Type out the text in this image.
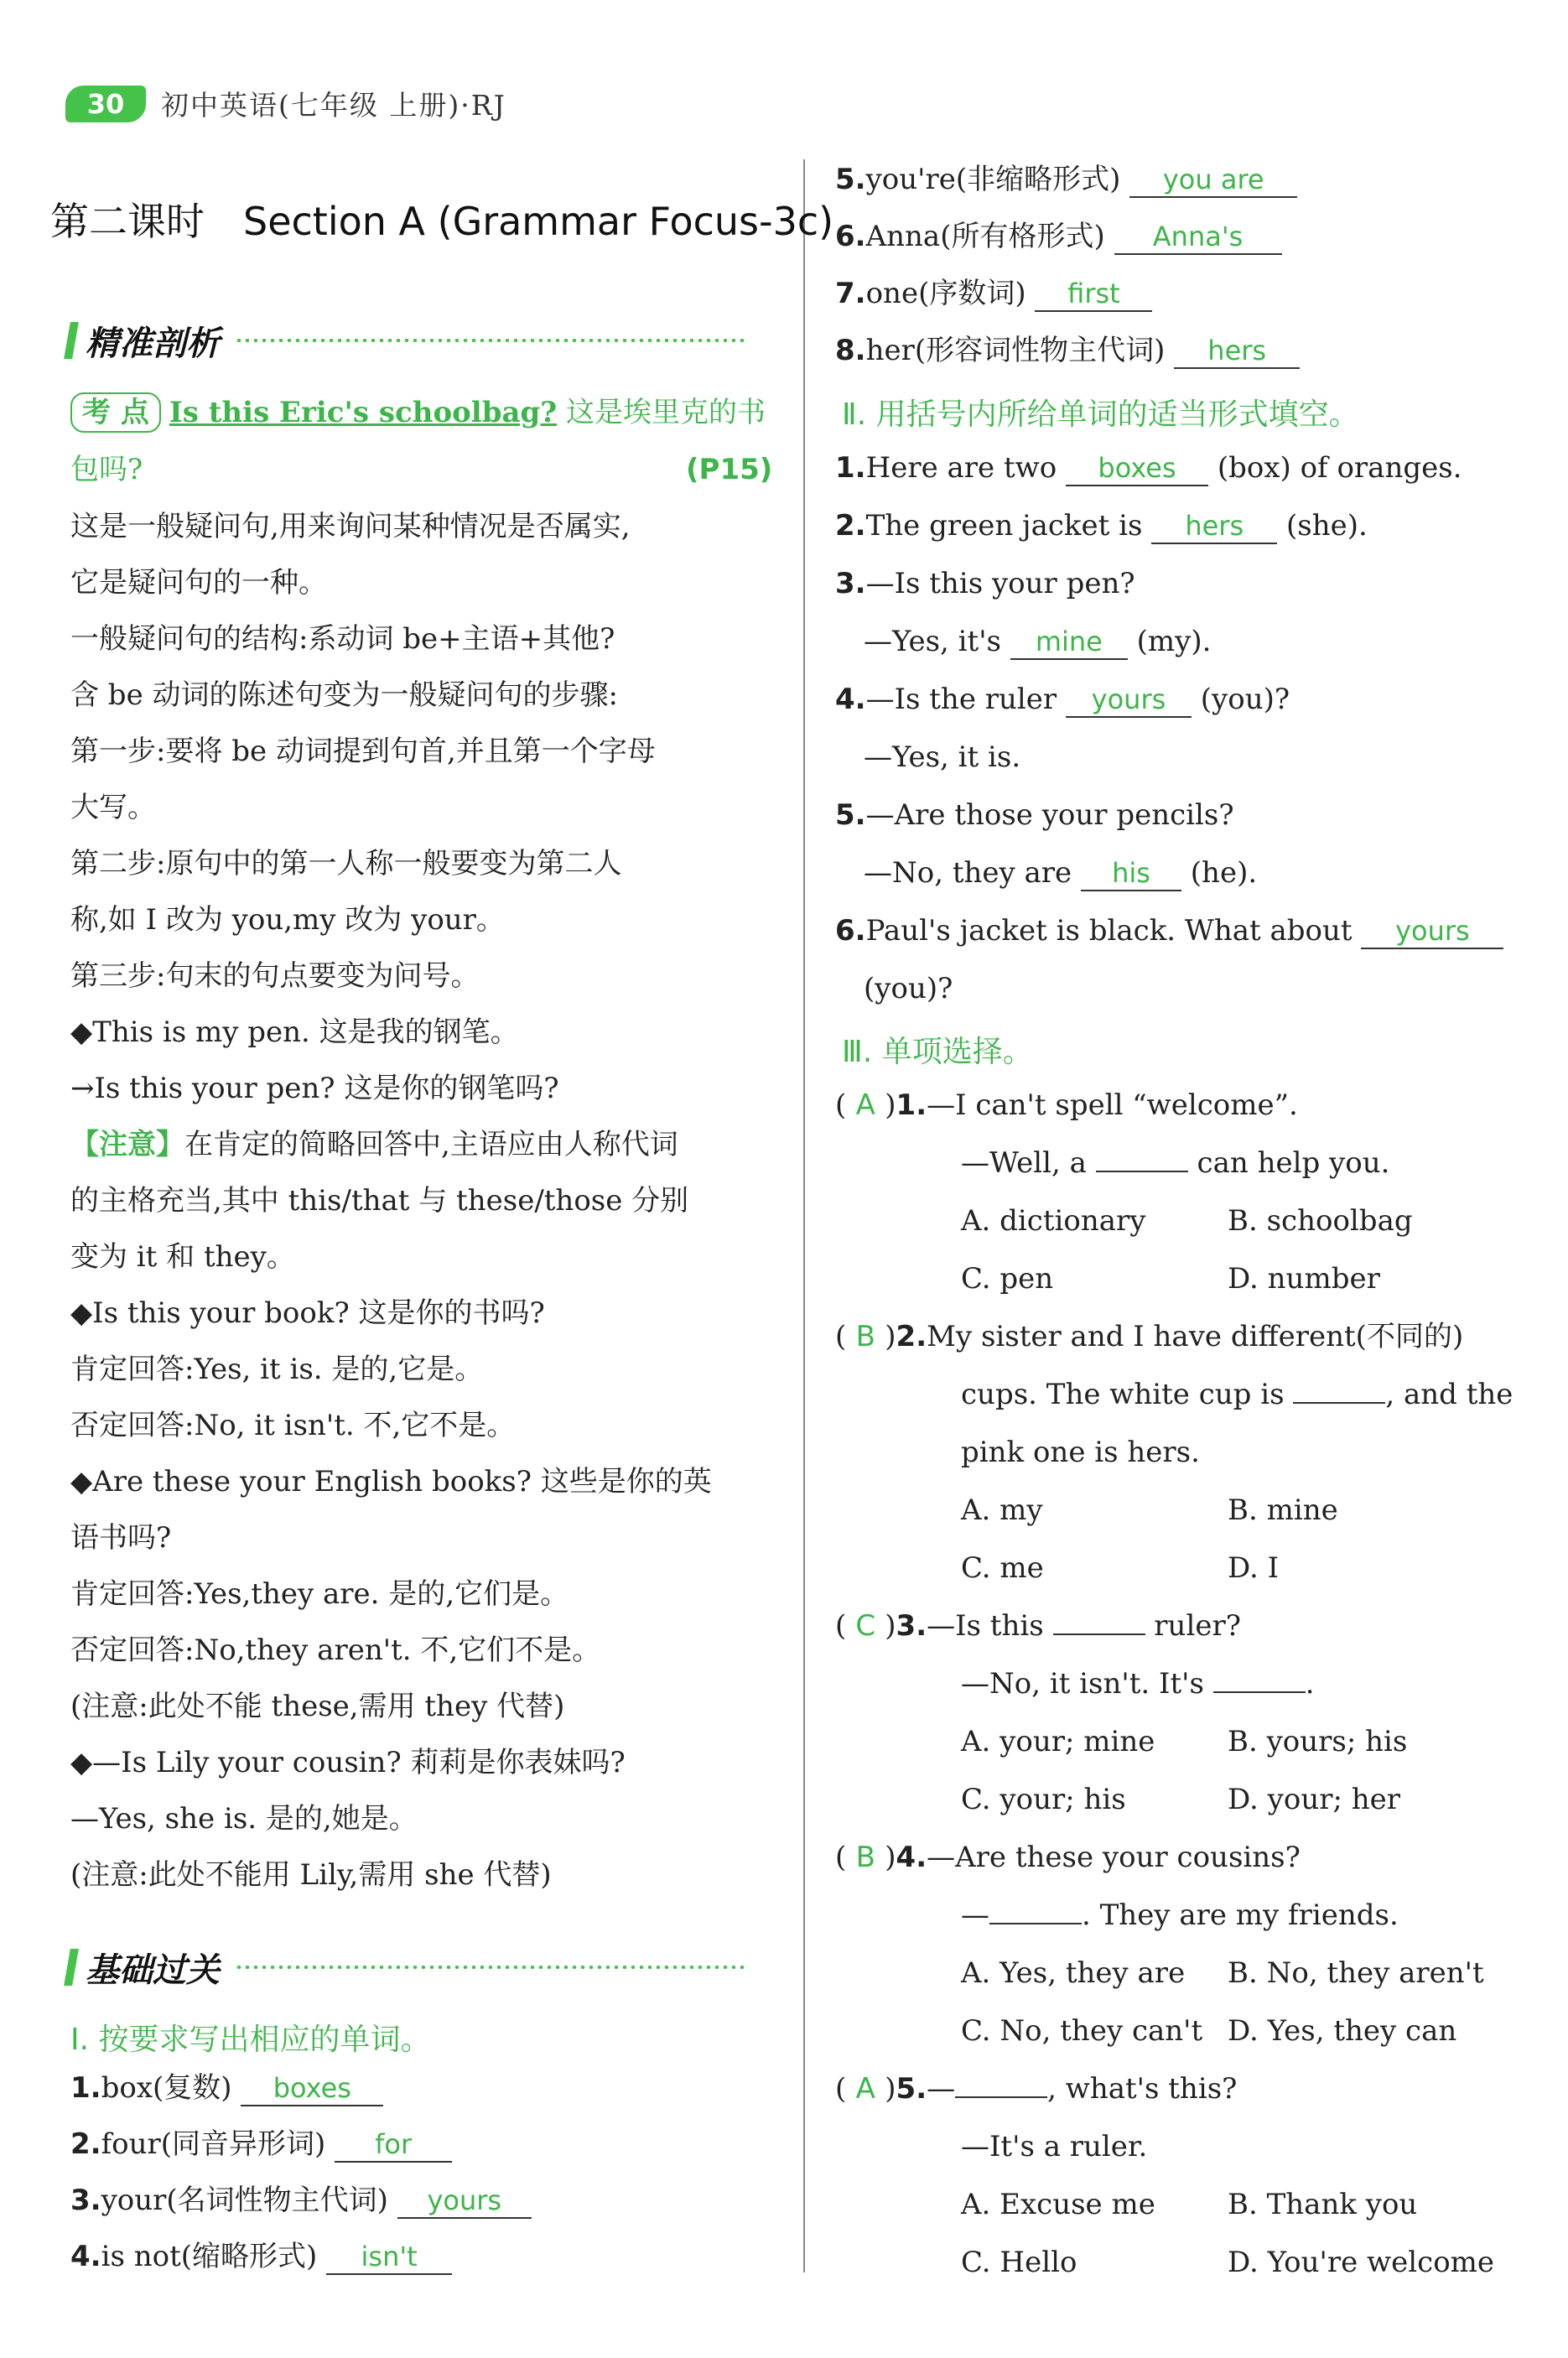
30	初中英语(七年级 上册)·RJ
第二课时　Section A (Grammar Focus-3c)
精准剖析
考 点 Is this Eric's schoolbag? 这是埃里克的书
包吗?	(P15)
这是一般疑问句,用来询问某种情况是否属实,
它是疑问句的一种。
一般疑问句的结构:系动词 be+主语+其他?
含 be 动词的陈述句变为一般疑问句的步骤:
第一步:要将 be 动词提到句首,并且第一个字母
大写。
第二步:原句中的第一人称一般要变为第二人
称,如 I 改为 you,my 改为 your。
第三步:句末的句点要变为问号。
◆This is my pen. 这是我的钢笔。
→Is this your pen? 这是你的钢笔吗?
【注意】在肯定的简略回答中,主语应由人称代词
的主格充当,其中 this/that 与 these/those 分别
变为 it 和 they。
◆Is this your book? 这是你的书吗?
肯定回答:Yes, it is. 是的,它是。
否定回答:No, it isn't. 不,它不是。
◆Are these your English books? 这些是你的英
语书吗?
肯定回答:Yes,they are. 是的,它们是。
否定回答:No,they aren't. 不,它们不是。
(注意:此处不能 these,需用 they 代替)
◆—Is Lily your cousin? 莉莉是你表妹吗?
—Yes, she is. 是的,她是。
(注意:此处不能用 Lily,需用 she 代替)
基础过关
Ⅰ. 按要求写出相应的单词。
1.box(复数) boxes
2.four(同音异形词) for
3.your(名词性物主代词) yours
4.is not(缩略形式) isn't
5.you're(非缩略形式) you are
6.Anna(所有格形式) Anna's
7.one(序数词) first
8.her(形容词性物主代词) hers
Ⅱ. 用括号内所给单词的适当形式填空。
1.Here are two boxes (box) of oranges.
2.The green jacket is hers (she).
3.—Is this your pen?
—Yes, it's mine (my).
4.—Is the ruler yours (you)?
—Yes, it is.
5.—Are those your pencils?
—No, they are his (he).
6.Paul's jacket is black. What about yours
(you)?
Ⅲ. 单项选择。
( A )1.—I can't spell “welcome”.
—Well, a	can help you.
A. dictionary	B. schoolbag
C. pen	D. number
( B )2.My sister and I have different(不同的)
cups. The white cup is	, and the
pink one is hers.
A. my	B. mine
C. me	D. I
( C )3.—Is this	ruler?
—No, it isn't. It's	.
A. your; mine	B. yours; his
C. your; his	D. your; her
( B )4.—Are these your cousins?
—	. They are my friends.
A. Yes, they are B. No, they aren't
C. No, they can't D. Yes, they can
( A )5.—	, what's this?
—It's a ruler.
A. Excuse me	B. Thank you
C. Hello	D. You're welcome
